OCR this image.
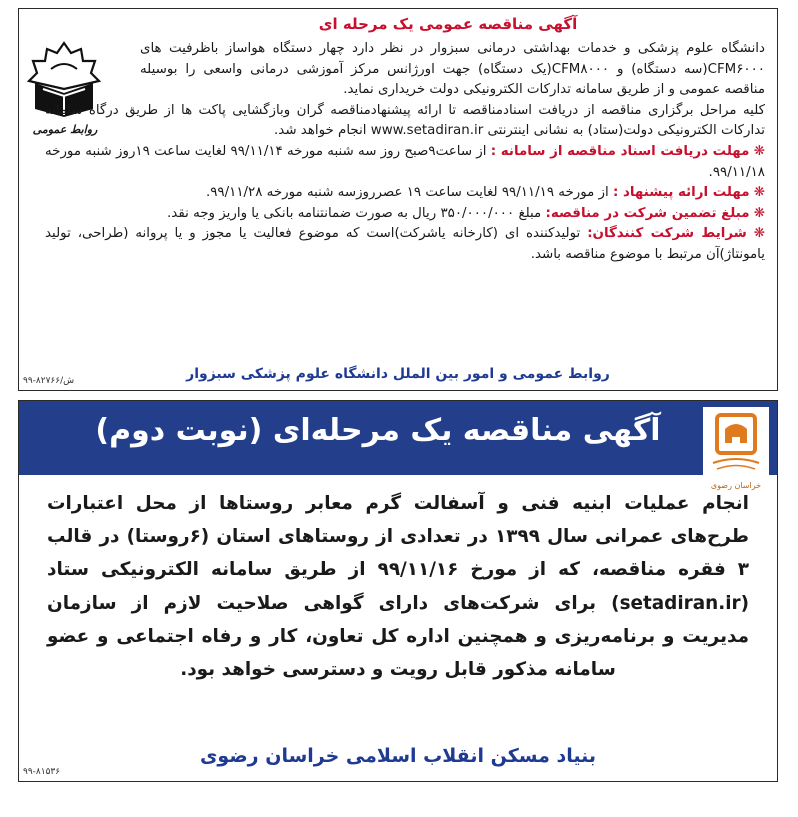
روابط عمومی
آگهی مناقصه عمومی یک مرحله ای

دانشگاه علوم پزشکی و خدمات بهداشتی درمانی سبزوار در نظر دارد چهار دستگاه هواساز باظرفیت های CFM۶۰۰۰(سه دستگاه) و CFM۸۰۰۰(یک دستگاه) جهت اورژانس مرکز آموزشی درمانی واسعی را بوسیله مناقصه عمومی و از طریق سامانه تدارکات الکترونیکی دولت خریداری نماید.

کلیه مراحل برگزاری مناقصه از دریافت اسنادمناقصه تا ارائه پیشنهادمناقصه گران وبازگشایی پاکت ها از طریق درگاه سامانه تدارکات الکترونیکی دولت(ستاد) به نشانی اینترنتی www.setadiran.ir انجام خواهد شد.

❋ مهلت دریافت اسناد مناقصه از سامانه : از ساعت۹صبح روز سه شنبه مورخه ۹۹/۱۱/۱۴ لغایت ساعت ۱۹روز شنبه مورخه ۹۹/۱۱/۱۸.

❋ مهلت ارائه پیشنهاد : از مورخه ۹۹/۱۱/۱۹ لغایت ساعت ۱۹ عصرروزسه شنبه مورخه ۹۹/۱۱/۲۸.

❋ مبلغ تضمین شرکت در مناقصه: مبلغ ۳۵۰/۰۰۰/۰۰۰ ریال به صورت ضمانتنامه بانکی یا واریز وجه نقد.

❋ شرایط شرکت کنندگان: تولیدکننده ای (کارخانه یاشرکت)است که موضوع فعالیت یا مجوز و یا پروانه (طراحی، تولید یامونتاژ)آن مرتبط با موضوع مناقصه باشد.

روابط عمومی و امور بین الملل دانشگاه علوم پزشکی سبزوار
۹۹-۸۲۷۶۶/ش
آگهی مناقصه یک مرحله‌ای (نوبت دوم)
خراسان رضوی
انجام عملیات ابنیه فنی و آسفالت گرم معابر روستاها از محل اعتبارات طرح‌های عمرانی سال ۱۳۹۹ در تعدادی از روستاهای استان (۶روستا) در قالب ۳ فقره مناقصه، که از مورخ ۹۹/۱۱/۱۶ از طریق سامانه الکترونیکی ستاد (setadiran.ir) برای شرکت‌های دارای گواهی صلاحیت لازم از سازمان مدیریت و برنامه‌ریزی و همچنین اداره کل تعاون، کار و رفاه اجتماعی و عضو سامانه مذکور قابل رویت و دسترسی خواهد بود.
بنیاد مسکن انقلاب اسلامی خراسان رضوی
۹۹-۸۱۵۳۶
